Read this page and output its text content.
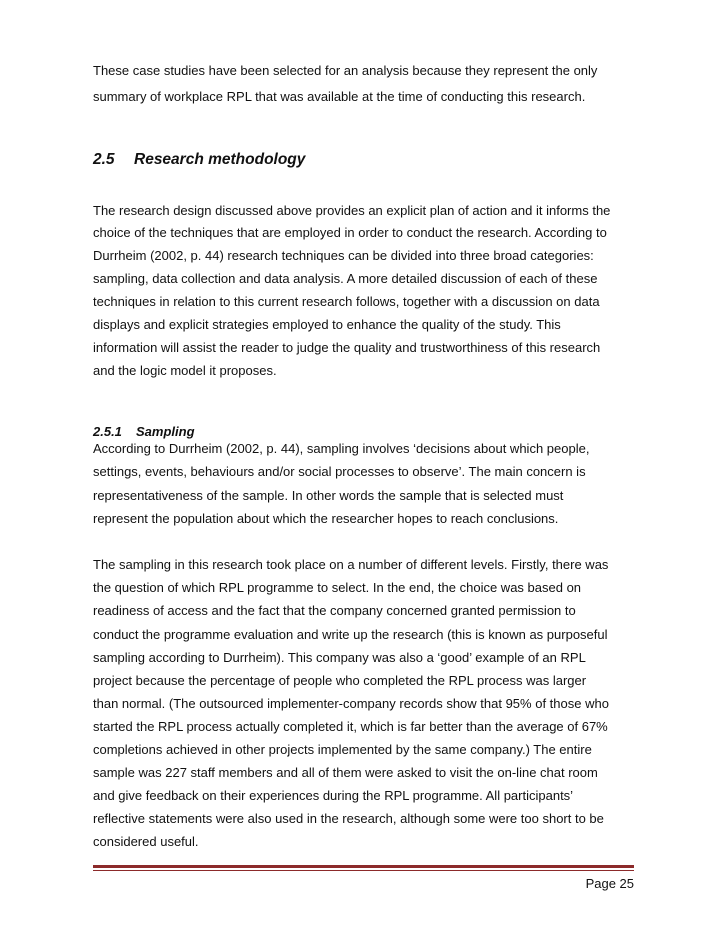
These case studies have been selected for an analysis because they represent the only
summary of workplace RPL that was available at the time of conducting this research.
2.5 Research methodology
The research design discussed above provides an explicit plan of action and it informs the
choice of the techniques that are employed in order to conduct the research. According to
Durrheim (2002, p. 44) research techniques can be divided into three broad categories:
sampling, data collection and data analysis. A more detailed discussion of each of these
techniques in relation to this current research follows, together with a discussion on data
displays and explicit strategies employed to enhance the quality of the study. This
information will assist the reader to judge the quality and trustworthiness of this research
and the logic model it proposes.
2.5.1 Sampling
According to Durrheim (2002, p. 44), sampling involves ‘decisions about which people,
settings, events, behaviours and/or social processes to observe’. The main concern is
representativeness of the sample. In other words the sample that is selected must
represent the population about which the researcher hopes to reach conclusions.
The sampling in this research took place on a number of different levels. Firstly, there was
the question of which RPL programme to select. In the end, the choice was based on
readiness of access and the fact that the company concerned granted permission to
conduct the programme evaluation and write up the research (this is known as purposeful
sampling according to Durrheim). This company was also a ‘good’ example of an RPL
project because the percentage of people who completed the RPL process was larger
than normal. (The outsourced implementer-company records show that 95% of those who
started the RPL process actually completed it, which is far better than the average of 67%
completions achieved in other projects implemented by the same company.) The entire
sample was 227 staff members and all of them were asked to visit the on-line chat room
and give feedback on their experiences during the RPL programme. All participants’
reflective statements were also used in the research, although some were too short to be
considered useful.
Page 25
